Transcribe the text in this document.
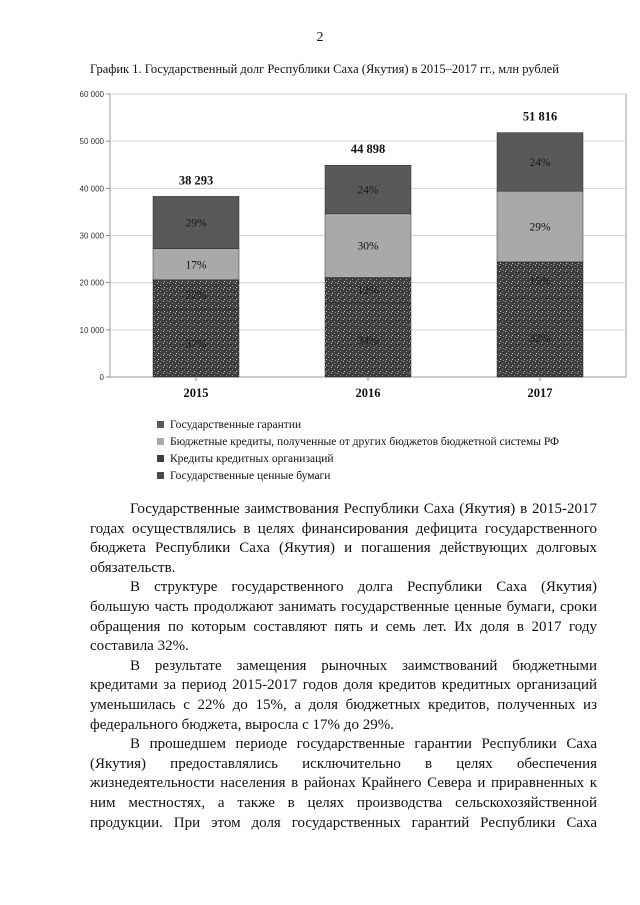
2
График 1. Государственный долг Республики Саха (Якутия) в 2015–2017 гг., млн рублей
0
10 000
20 000
30 000
40 000
50 000
60 000
37%
22%
17%
29%
38 293
2015
34%
12%
30%
24%
44 898
2016
32%
15%
29%
24%
51 816
2017
Государственные гарантии
Бюджетные кредиты, полученные от других бюджетов бюджетной системы РФ
Кредиты кредитных организаций
Государственные ценные бумаги

Государственные заимствования Республики Саха (Якутия) в 2015-2017 годах осуществлялись в целях финансирования дефицита государственного бюджета Республики Саха (Якутия) и погашения действующих долговых обязательств.

В структуре государственного долга Республики Саха (Якутия) большую часть продолжают занимать государственные ценные бумаги, сроки обращения по которым составляют пять и семь лет. Их доля в 2017 году составила 32%.

В результате замещения рыночных заимствований бюджетными кредитами за период 2015-2017 годов доля кредитов кредитных организаций уменьшилась с 22% до 15%, а доля бюджетных кредитов, полученных из федерального бюджета, выросла с 17% до 29%.

В прошедшем периоде государственные гарантии Республики Саха (Якутия) предоставлялись исключительно в целях обеспечения жизнедеятельности населения в районах Крайнего Севера и приравненных к ним местностях, а также в целях производства сельскохозяйственной продукции. При этом доля государственных гарантий Республики Саха
